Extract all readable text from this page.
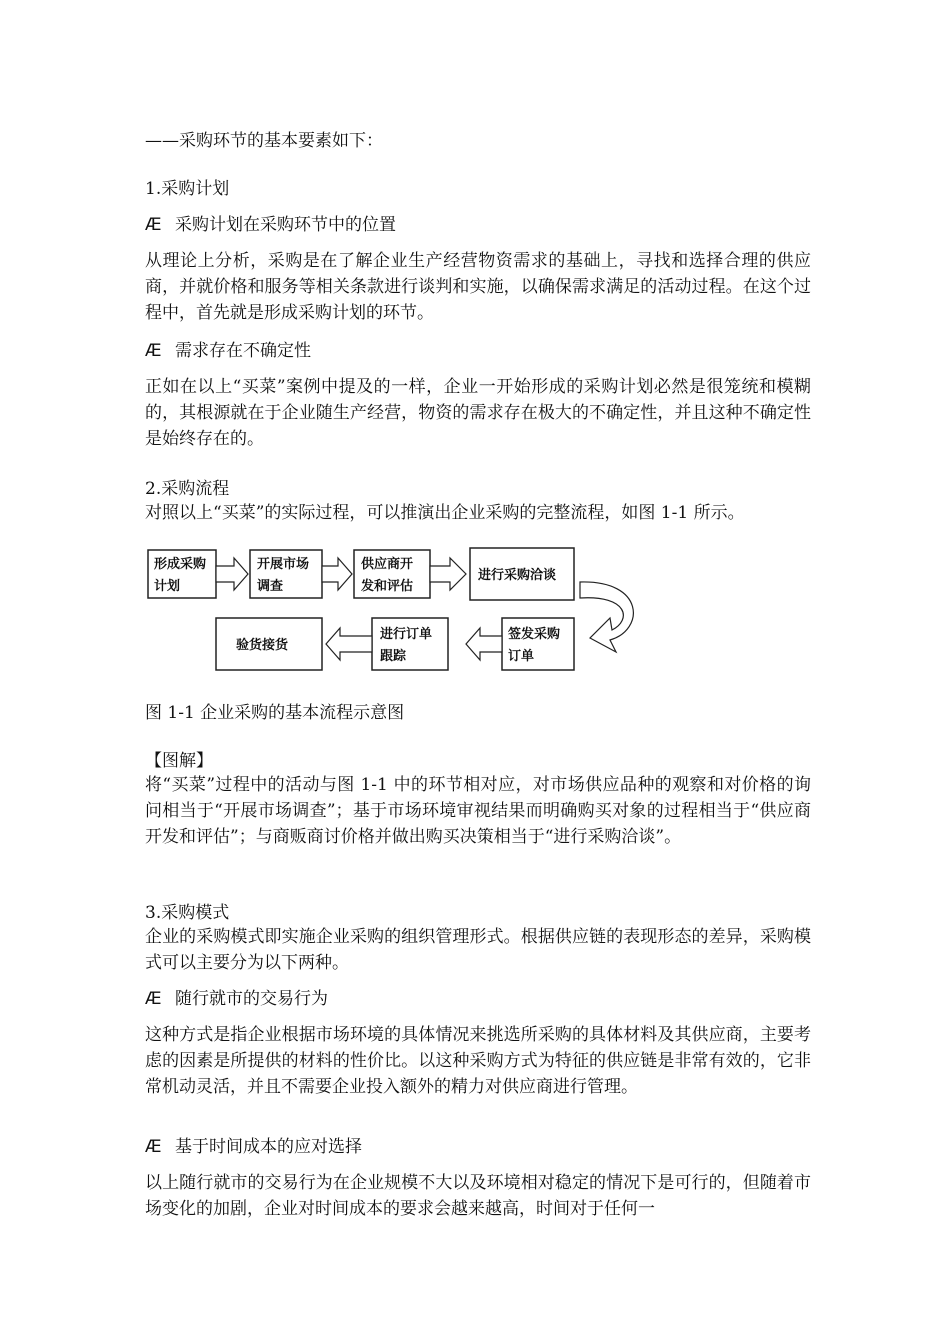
——采购环节的基本要素如下：

1.采购计划

Æ 采购计划在采购环节中的位置

从理论上分析，采购是在了解企业生产经营物资需求的基础上，寻找和选择合理的供应商，并就价格和服务等相关条款进行谈判和实施，以确保需求满足的活动过程。在这个过程中，首先就是形成采购计划的环节。

Æ 需求存在不确定性

正如在以上“买菜”案例中提及的一样，企业一开始形成的采购计划必然是很笼统和模糊的，其根源就在于企业随生产经营，物资的需求存在极大的不确定性，并且这种不确定性是始终存在的。

2.采购流程

对照以上“买菜”的实际过程，可以推演出企业采购的完整流程，如图 1-1 所示。

形成采购
计划
开展市场
调查
供应商开
发和评估
进行采购洽谈
签发采购
订单
进行订单
跟踪
验货接货

图 1-1 企业采购的基本流程示意图

【图解】

将“买菜”过程中的活动与图 1-1 中的环节相对应，对市场供应品种的观察和对价格的询问相当于“开展市场调查”；基于市场环境审视结果而明确购买对象的过程相当于“供应商开发和评估”；与商贩商讨价格并做出购买决策相当于“进行采购洽谈”。

3.采购模式

企业的采购模式即实施企业采购的组织管理形式。根据供应链的表现形态的差异，采购模式可以主要分为以下两种。

Æ 随行就市的交易行为

这种方式是指企业根据市场环境的具体情况来挑选所采购的具体材料及其供应商，主要考虑的因素是所提供的材料的性价比。以这种采购方式为特征的供应链是非常有效的，它非常机动灵活，并且不需要企业投入额外的精力对供应商进行管理。

Æ 基于时间成本的应对选择

以上随行就市的交易行为在企业规模不大以及环境相对稳定的情况下是可行的，但随着市场变化的加剧，企业对时间成本的要求会越来越高，时间对于任何一
